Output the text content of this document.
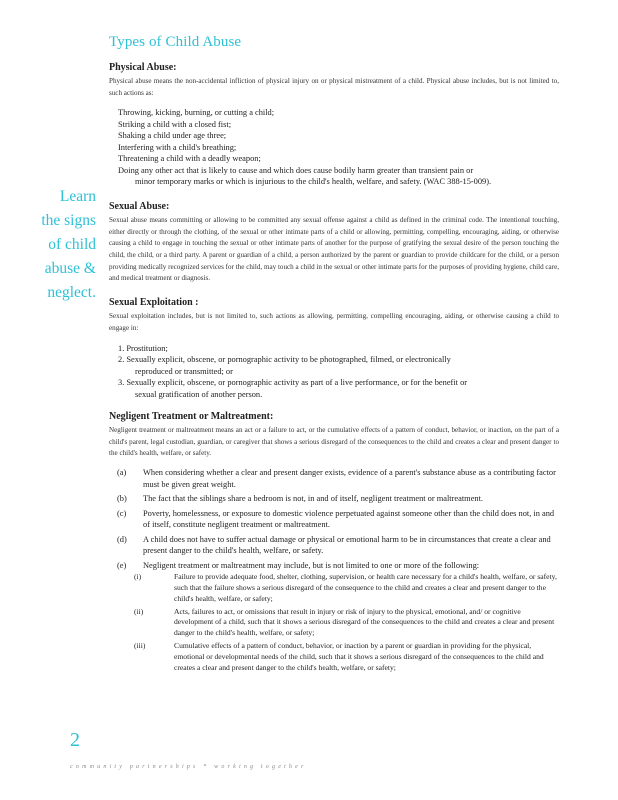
Types of Child Abuse
Learn
the signs
of child
abuse &
neglect.
Physical Abuse:
Physical abuse means the non-accidental infliction of physical injury on or physical mistreatment of a child. Physical abuse includes, but is not limited to, such actions as:
Throwing, kicking, burning, or cutting a child;
Striking a child with a closed fist;
Shaking a child under age three;
Interfering with a child's breathing;
Threatening a child with a deadly weapon;
Doing any other act that is likely to cause and which does cause bodily harm greater than transient pain or
minor temporary marks or which is injurious to the child's health, welfare, and safety. (WAC 388-15-009).
Sexual Abuse:
Sexual abuse means committing or allowing to be committed any sexual offense against a child as defined in the criminal code. The intentional touching, either directly or through the clothing, of the sexual or other intimate parts of a child or allowing, permitting, compelling, encouraging, aiding, or otherwise causing a child to engage in touching the sexual or other intimate parts of another for the purpose of gratifying the sexual desire of the person touching the child, the child, or a third party. A parent or guardian of a child, a person authorized by the parent or guardian to provide childcare for the child, or a person providing medically recognized services for the child, may touch a child in the sexual or other intimate parts for the purposes of providing hygiene, child care, and medical treatment or diagnosis.
Sexual Exploitation :
Sexual exploitation includes, but is not limited to, such actions as allowing, permitting, compelling encouraging, aiding, or otherwise causing a child to engage in:
1. Prostitution;
2. Sexually explicit, obscene, or pornographic activity to be photographed, filmed, or electronically
reproduced or transmitted; or
3. Sexually explicit, obscene, or pornographic activity as part of a live performance, or for the benefit or
sexual gratification of another person.
Negligent Treatment or Maltreatment:
Negligent treatment or maltreatment means an act or a failure to act, or the cumulative effects of a pattern of conduct, behavior, or inaction, on the part of a child's parent, legal custodian, guardian, or caregiver that shows a serious disregard of the consequences to the child and creates a clear and present danger to the child's health, welfare, or safety.
(a)	When considering whether a clear and present danger exists, evidence of a parent's substance abuse as a contributing factor must be given great weight.
(b)	The fact that the siblings share a bedroom is not, in and of itself, negligent treatment or maltreatment.
(c)	Poverty, homelessness, or exposure to domestic violence perpetuated against someone other than the child does not, in and of itself, constitute negligent treatment or maltreatment.
(d)	A child does not have to suffer actual damage or physical or emotional harm to be in circumstances that create a clear and present danger to the child's health, welfare, or safety.
(e)	Negligent treatment or maltreatment may include, but is not limited to one or more of the following:
(i)	Failure to provide adequate food, shelter, clothing, supervision, or health care necessary for a child's health, welfare, or safety, such that the failure shows a serious disregard of the consequence to the child and creates a clear and present danger to the child's health, welfare, or safety;
(ii)	Acts, failures to act, or omissions that result in injury or risk of injury to the physical, emotional, and/ or cognitive development of a child, such that it shows a serious disregard of the consequences to the child and creates a clear and present danger to the child's health, welfare, or safety;
(iii)	Cumulative effects of a pattern of conduct, behavior, or inaction by a parent or guardian in providing for the physical, emotional or developmental needs of the child, such that it shows a serious disregard of the consequences to the child and creates a clear and present danger to the child's health, welfare, or safety;
2
community partnerships * working together
